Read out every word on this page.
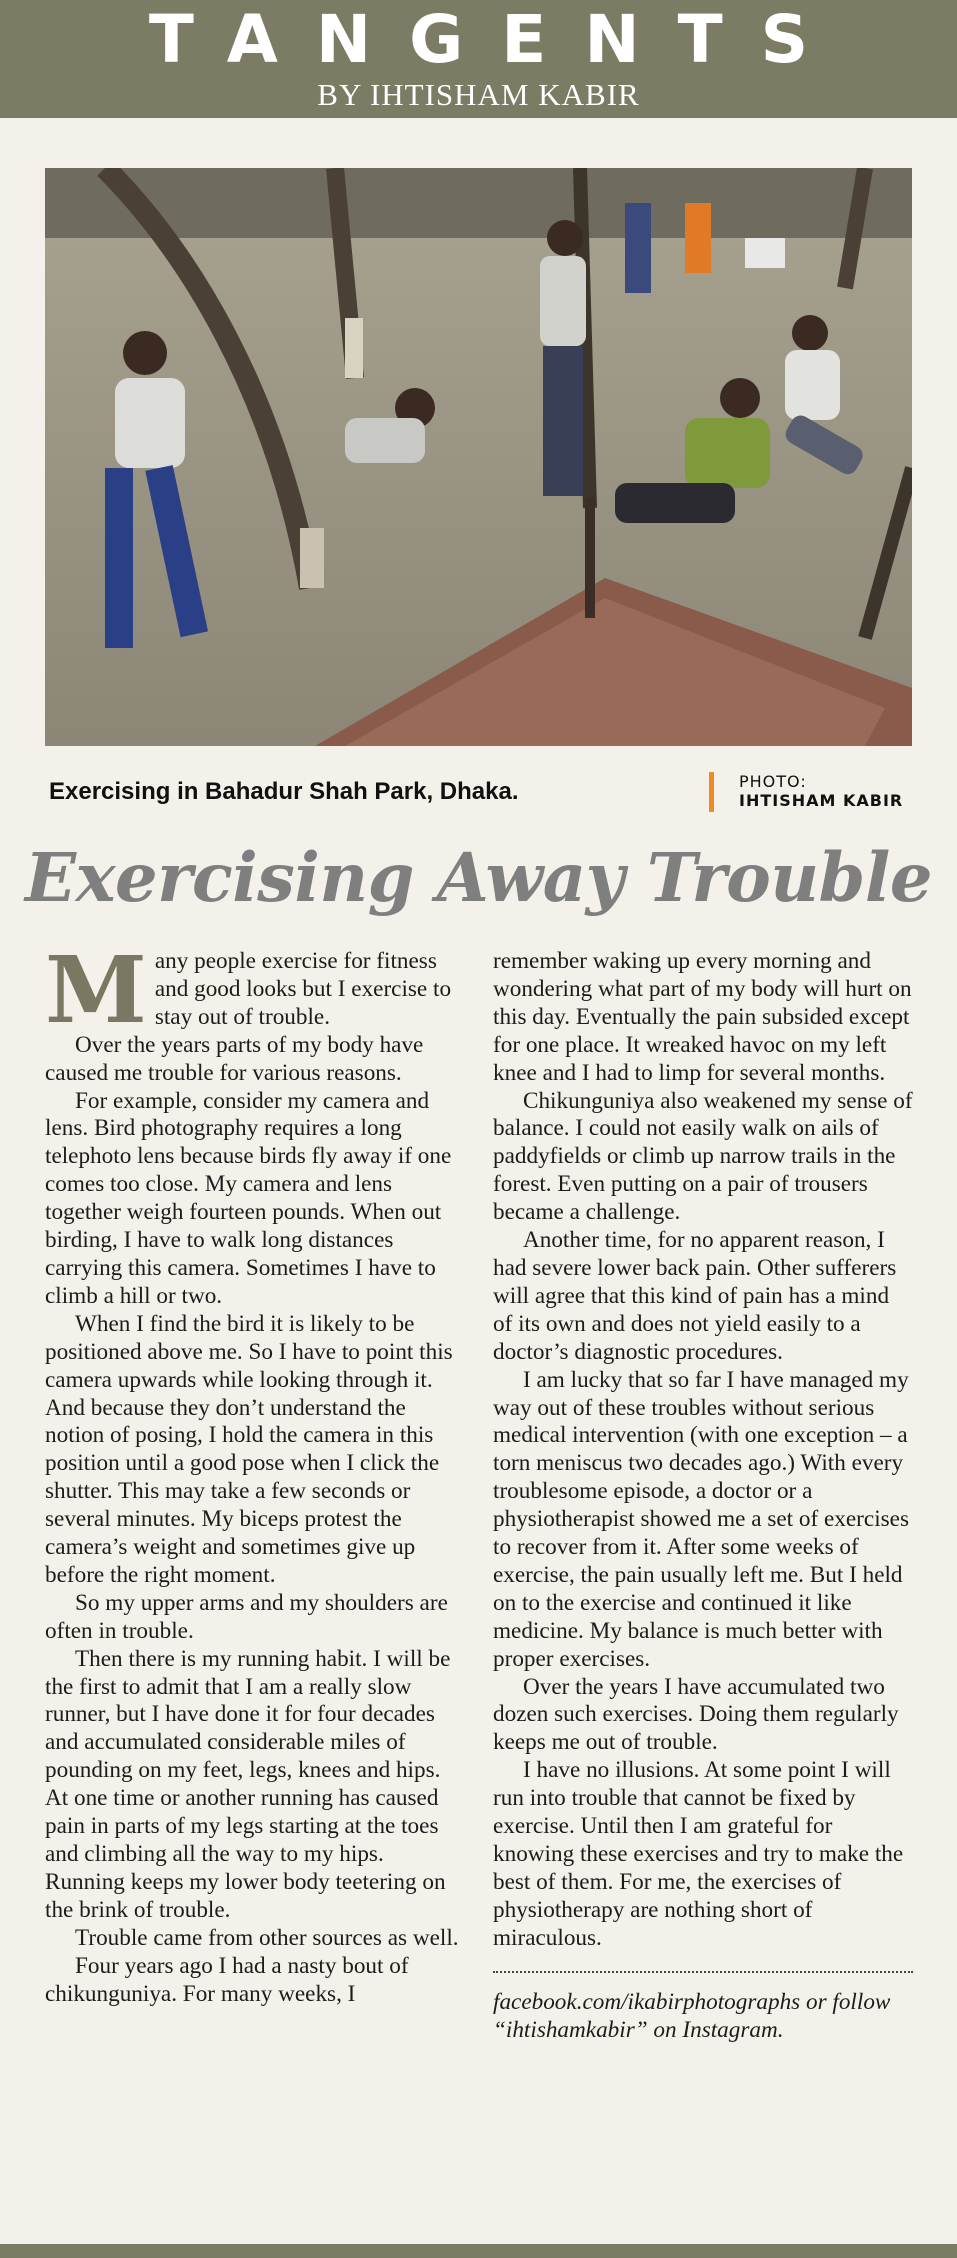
TANGENTS
BY IHTISHAM KABIR
Exercising in Bahadur Shah Park, Dhaka.	PHOTO:
IHTISHAM KABIR
Exercising Away Trouble

Many people exercise for fitness and good looks but I exercise to stay out of trouble.

Over the years parts of my body have caused me trouble for various reasons.

For example, consider my camera and lens. Bird photography requires a long telephoto lens because birds fly away if one comes too close. My camera and lens together weigh fourteen pounds. When out birding, I have to walk long distances carrying this camera. Sometimes I have to climb a hill or two.

When I find the bird it is likely to be positioned above me. So I have to point this camera upwards while looking through it. And because they don’t understand the notion of posing, I hold the camera in this position until a good pose when I click the shutter. This may take a few seconds or several minutes. My biceps protest the camera’s weight and sometimes give up before the right moment.

So my upper arms and my shoulders are often in trouble.

Then there is my running habit. I will be the first to admit that I am a really slow runner, but I have done it for four decades and accumulated considerable miles of pounding on my feet, legs, knees and hips. At one time or another running has caused pain in parts of my legs starting at the toes and climbing all the way to my hips. Running keeps my lower body teetering on the brink of trouble.

Trouble came from other sources as well.

Four years ago I had a nasty bout of chikunguniya. For many weeks, I

remember waking up every morning and wondering what part of my body will hurt on this day. Eventually the pain subsided except for one place. It wreaked havoc on my left knee and I had to limp for several months.

Chikunguniya also weakened my sense of balance. I could not easily walk on ails of paddyfields or climb up narrow trails in the forest. Even putting on a pair of trousers became a challenge.

Another time, for no apparent reason, I had severe lower back pain. Other sufferers will agree that this kind of pain has a mind of its own and does not yield easily to a doctor’s diagnostic procedures.

I am lucky that so far I have managed my way out of these troubles without serious medical intervention (with one exception – a torn meniscus two decades ago.) With every troublesome episode, a doctor or a physiotherapist showed me a set of exercises to recover from it. After some weeks of exercise, the pain usually left me. But I held on to the exercise and continued it like medicine. My balance is much better with proper exercises.

Over the years I have accumulated two dozen such exercises. Doing them regularly keeps me out of trouble.

I have no illusions. At some point I will run into trouble that cannot be fixed by exercise. Until then I am grateful for knowing these exercises and try to make the best of them. For me, the exercises of physiotherapy are nothing short of miraculous.

facebook.com/ikabirphotographs or follow “ihtishamkabir” on Instagram.
